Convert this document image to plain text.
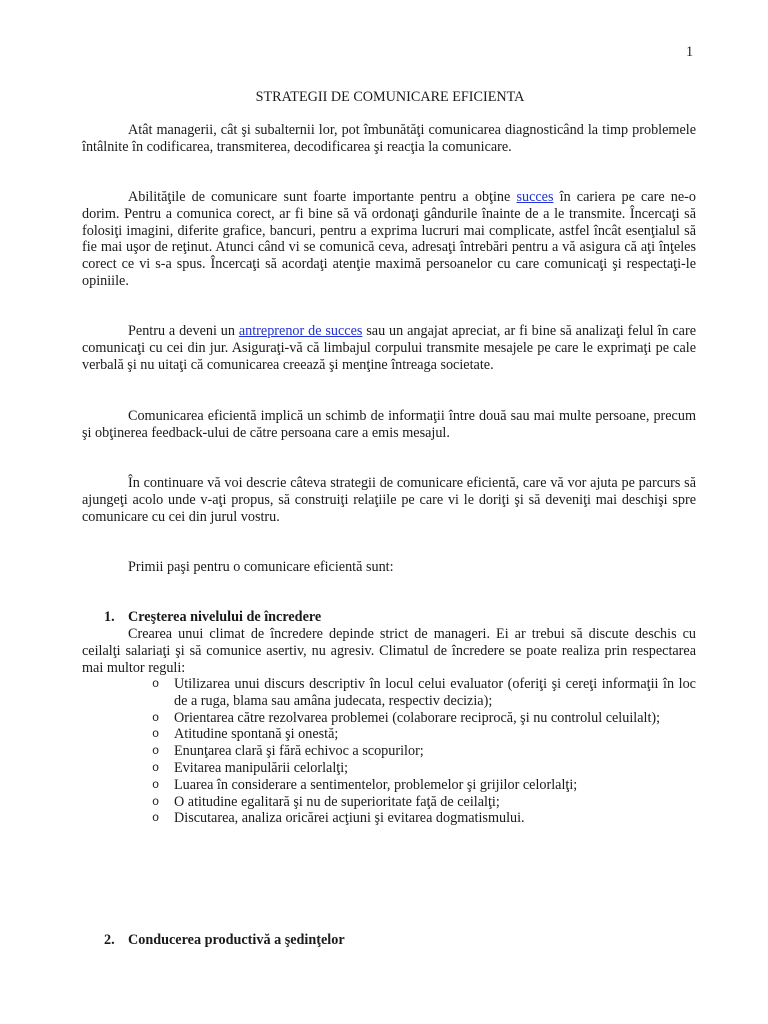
1
STRATEGII DE COMUNICARE EFICIENTA

Atât managerii, cât şi subalternii lor, pot îmbunătăţi comunicarea diagnosticând la timp problemele întâlnite în codificarea, transmiterea, decodificarea şi reacţia la comunicare.

Abilităţile de comunicare sunt foarte importante pentru a obţine succes în cariera pe care ne-o dorim. Pentru a comunica corect, ar fi bine să vă ordonaţi gândurile înainte de a le transmite. Încercaţi să folosiţi imagini, diferite grafice, bancuri, pentru a exprima lucruri mai complicate, astfel încât esenţialul să fie mai uşor de reţinut. Atunci când vi se comunică ceva, adresaţi întrebări pentru a vă asigura că aţi înţeles corect ce vi s-a spus. Încercaţi să acordaţi atenţie maximă persoanelor cu care comunicaţi şi respectaţi-le opiniile.

Pentru a deveni un antreprenor de succes sau un angajat apreciat, ar fi bine să analizaţi felul în care comunicaţi cu cei din jur. Asiguraţi-vă că limbajul corpului transmite mesajele pe care le exprimaţi pe cale verbală şi nu uitaţi că comunicarea creează şi menţine întreaga societate.

Comunicarea eficientă implică un schimb de informaţii între două sau mai multe persoane, precum şi obţinerea feedback-ului de către persoana care a emis mesajul.

În continuare vă voi descrie câteva strategii de comunicare eficientă, care vă vor ajuta pe parcurs să ajungeţi acolo unde v-aţi propus, să construiţi relaţiile pe care vi le doriţi şi să deveniţi mai deschişi spre comunicare cu cei din jurul vostru.

Primii paşi pentru o comunicare eficientă sunt:

1. Creşterea nivelului de încredere

Crearea unui climat de încredere depinde strict de manageri. Ei ar trebui să discute deschis cu ceilalţi salariaţi şi să comunice asertiv, nu agresiv. Climatul de încredere se poate realiza prin respectarea mai multor reguli:

o Utilizarea unui discurs descriptiv în locul celui evaluator (oferiţi şi cereţi informaţii în loc de a ruga, blama sau amâna judecata, respectiv decizia);
o Orientarea către rezolvarea problemei (colaborare reciprocă, şi nu controlul celuilalt);
o Atitudine spontană şi onestă;
o Enunţarea clară şi fără echivoc a scopurilor;
o Evitarea manipulării celorlalţi;
o Luarea în considerare a sentimentelor, problemelor şi grijilor celorlalţi;
o O atitudine egalitară şi nu de superioritate faţă de ceilalţi;
o Discutarea, analiza oricărei acţiuni şi evitarea dogmatismului.
2. Conducerea productivă a şedinţelor
